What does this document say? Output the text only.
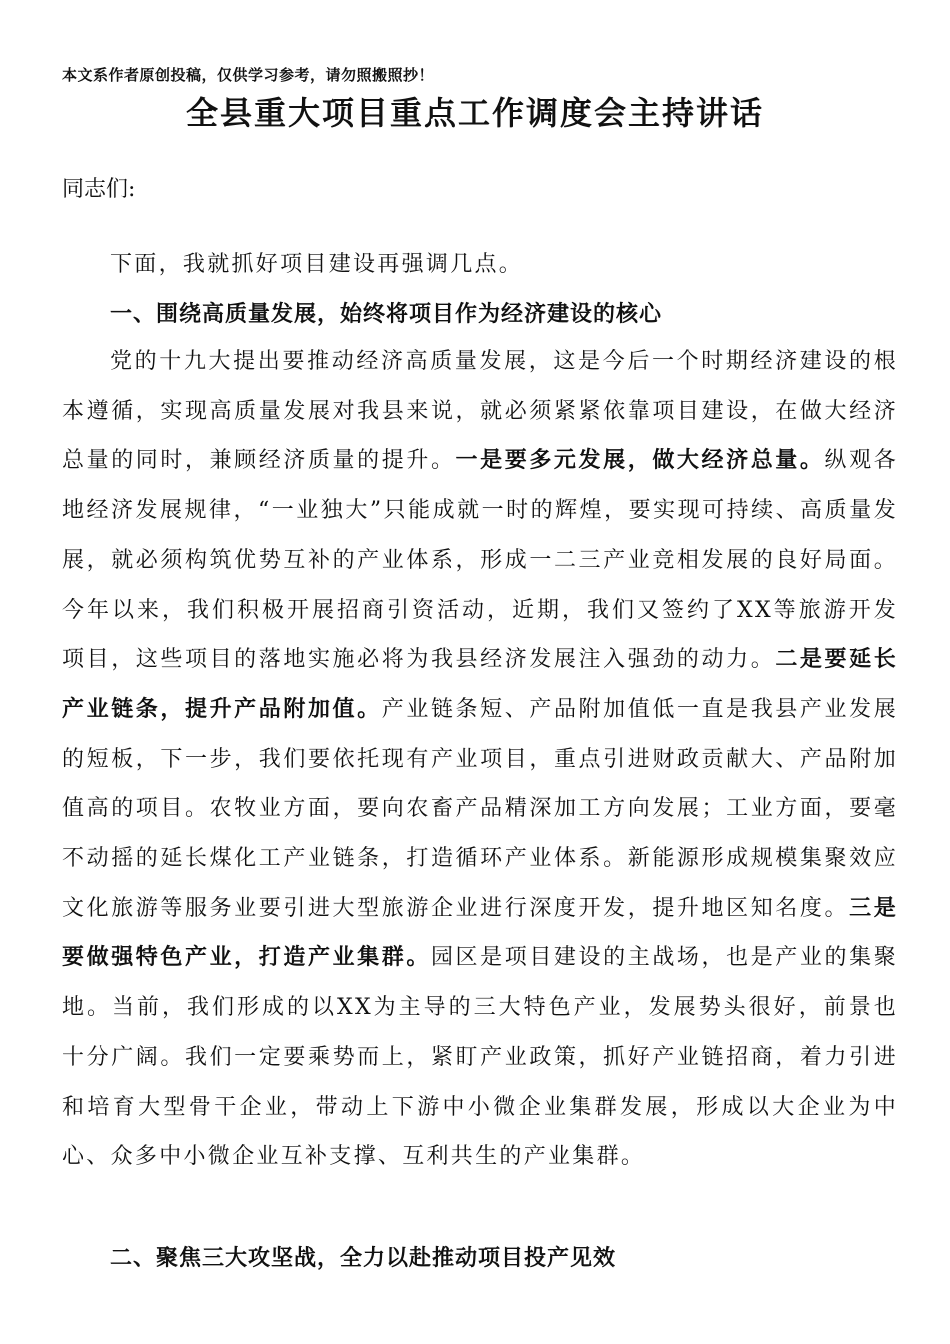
本文系作者原创投稿，仅供学习参考，请勿照搬照抄！
全县重大项目重点工作调度会主持讲话
同志们:
下面，我就抓好项目建设再强调几点。
一、围绕高质量发展，始终将项目作为经济建设的核心
党的十九大提出要推动经济高质量发展，这是今后一个时期经济建设的根本遵循，实现高质量发展对我县来说，就必须紧紧依靠项目建设，在做大经济总量的同时，兼顾经济质量的提升。一是要多元发展，做大经济总量。纵观各地经济发展规律，“一业独大”只能成就一时的辉煌，要实现可持续、高质量发展，就必须构筑优势互补的产业体系，形成一二三产业竞相发展的良好局面。今年以来，我们积极开展招商引资活动，近期，我们又签约了XX等旅游开发项目，这些项目的落地实施必将为我县经济发展注入强劲的动力。二是要延长产业链条，提升产品附加值。产业链条短、产品附加值低一直是我县产业发展的短板，下一步，我们要依托现有产业项目，重点引进财政贡献大、产品附加值高的项目。农牧业方面，要向农畜产品精深加工方向发展；工业方面，要毫不动摇的延长煤化工产业链条，打造循环产业体系。新能源形成规模集聚效应文化旅游等服务业要引进大型旅游企业进行深度开发，提升地区知名度。三是要做强特色产业，打造产业集群。园区是项目建设的主战场，也是产业的集聚地。当前，我们形成的以XX为主导的三大特色产业，发展势头很好，前景也十分广阔。我们一定要乘势而上，紧盯产业政策，抓好产业链招商，着力引进和培育大型骨干企业，带动上下游中小微企业集群发展，形成以大企业为中心、众多中小微企业互补支撑、互利共生的产业集群。
二、聚焦三大攻坚战，全力以赴推动项目投产见效
